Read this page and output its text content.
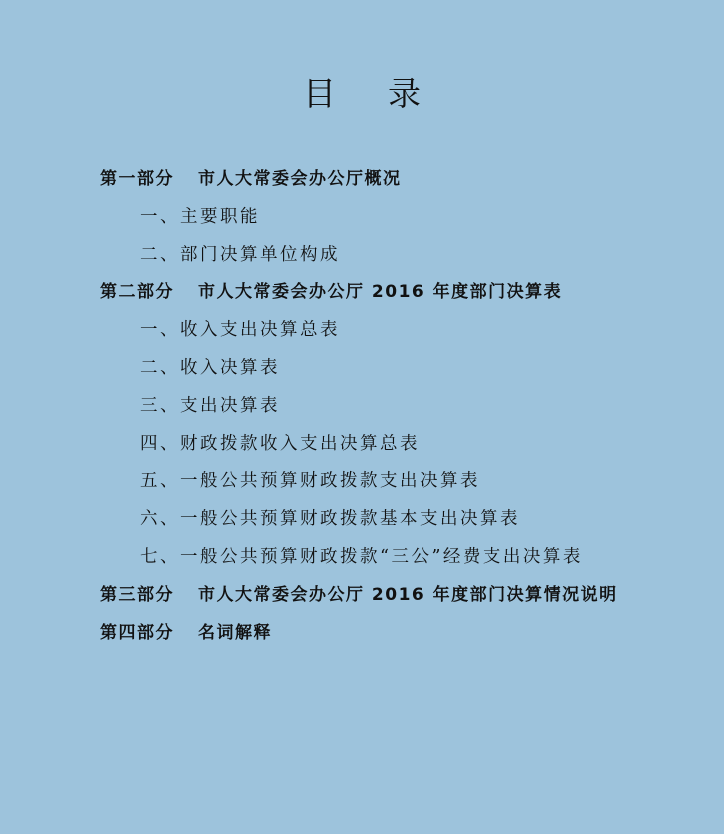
目录
第一部分 市人大常委会办公厅概况
一、主要职能
二、部门决算单位构成
第二部分 市人大常委会办公厅 2016 年度部门决算表
一、收入支出决算总表
二、收入决算表
三、支出决算表
四、财政拨款收入支出决算总表
五、一般公共预算财政拨款支出决算表
六、一般公共预算财政拨款基本支出决算表
七、一般公共预算财政拨款“三公”经费支出决算表
第三部分 市人大常委会办公厅 2016 年度部门决算情况说明
第四部分 名词解释
